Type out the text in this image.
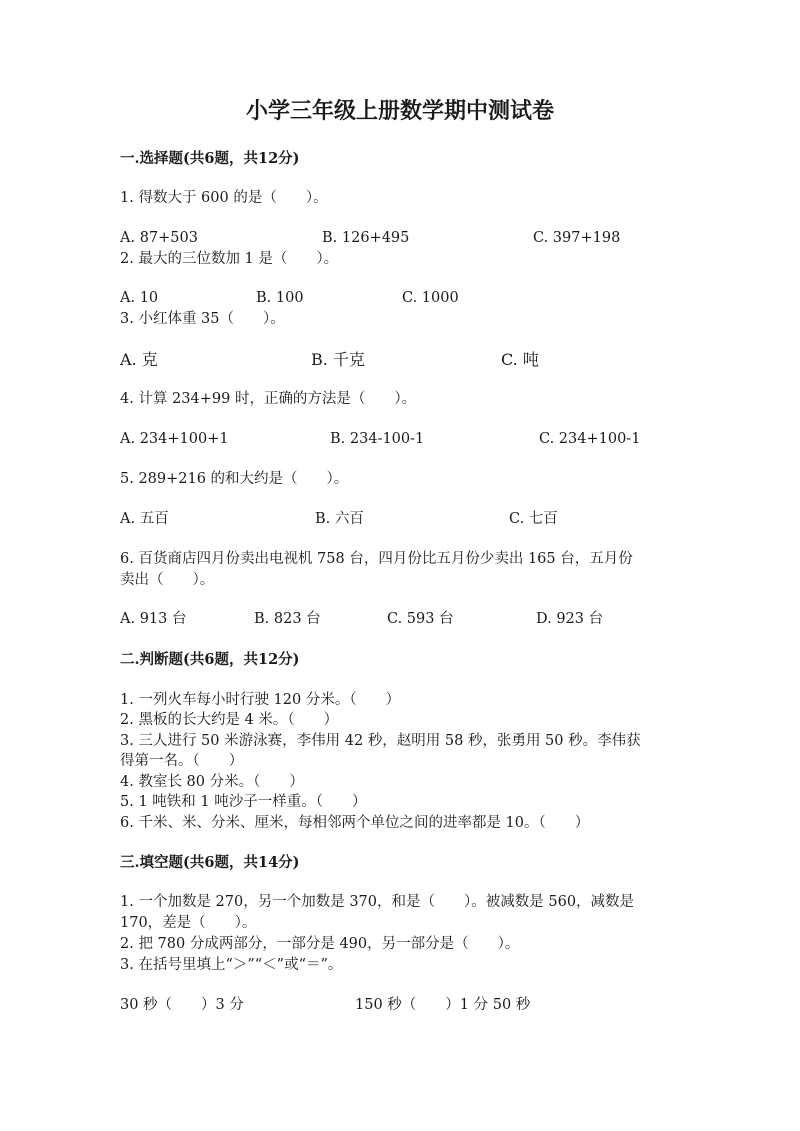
小学三年级上册数学期中测试卷
一.选择题(共6题，共12分)
1. 得数大于 600 的是（　　）。
A. 87+503	B. 126+495	C. 397+198
2. 最大的三位数加 1 是（　　）。
A. 10	B. 100	C. 1000
3. 小红体重 35（　　）。
A. 克	B. 千克	C. 吨
4. 计算 234+99 时，正确的方法是（　　）。
A. 234+100+1	B. 234-100-1	C. 234+100-1
5. 289+216 的和大约是（　　）。
A. 五百	B. 六百	C. 七百
6. 百货商店四月份卖出电视机 758 台，四月份比五月份少卖出 165 台，五月份
卖出（　　）。
A. 913 台	B. 823 台	C. 593 台	D. 923 台
二.判断题(共6题，共12分)
1. 一列火车每小时行驶 120 分米。（　　）
2. 黑板的长大约是 4 米。（　　）
3. 三人进行 50 米游泳赛，李伟用 42 秒，赵明用 58 秒，张勇用 50 秒。李伟获
得第一名。（　　）
4. 教室长 80 分米。（　　）
5. 1 吨铁和 1 吨沙子一样重。（　　）
6. 千米、米、分米、厘米，每相邻两个单位之间的进率都是 10。（　　）
三.填空题(共6题，共14分)
1. 一个加数是 270，另一个加数是 370，和是（　　）。被减数是 560，减数是
170，差是（　　）。
2. 把 780 分成两部分，一部分是 490，另一部分是（　　）。
3. 在括号里填上“＞”“＜”或“＝”。
30 秒（　　）3 分	150 秒（　　）1 分 50 秒
